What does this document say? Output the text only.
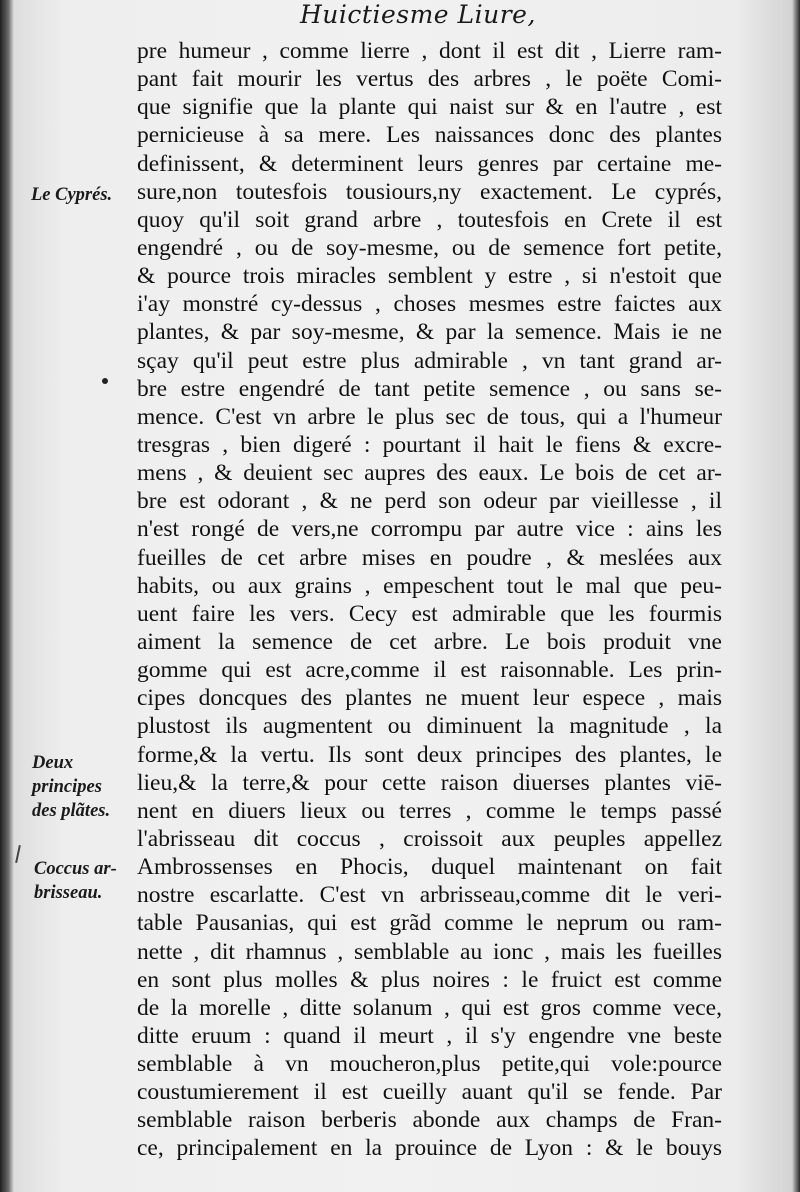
Huictiesme Liure,
pre humeur , comme lierre , dont il est dit , Lierre ram-
pant fait mourir les vertus des arbres , le poëte Comi-
que signifie que la plante qui naist sur & en l'autre , est
pernicieuse à sa mere. Les naissances donc des plantes
definissent, & determinent leurs genres par certaine me-
sure,non toutesfois tousiours,ny exactement. Le cyprés,
quoy qu'il soit grand arbre , toutesfois en Crete il est
engendré , ou de soy-mesme, ou de semence fort petite,
& pource trois miracles semblent y estre , si n'estoit que
i'ay monstré cy-dessus , choses mesmes estre faictes aux
plantes, & par soy-mesme, & par la semence. Mais ie ne
sçay qu'il peut estre plus admirable , vn tant grand ar-
bre estre engendré de tant petite semence , ou sans se-
mence. C'est vn arbre le plus sec de tous, qui a l'humeur
tresgras , bien digeré : pourtant il hait le fiens & excre-
mens , & deuient sec aupres des eaux. Le bois de cet ar-
bre est odorant , & ne perd son odeur par vieillesse , il
n'est rongé de vers,ne corrompu par autre vice : ains les
fueilles de cet arbre mises en poudre , & meslées aux
habits, ou aux grains , empeschent tout le mal que peu-
uent faire les vers. Cecy est admirable que les fourmis
aiment la semence de cet arbre. Le bois produit vne
gomme qui est acre,comme il est raisonnable. Les prin-
cipes doncques des plantes ne muent leur espece , mais
plustost ils augmentent ou diminuent la magnitude , la
forme,& la vertu. Ils sont deux principes des plantes, le
lieu,& la terre,& pour cette raison diuerses plantes viē-
nent en diuers lieux ou terres , comme le temps passé
l'abrisseau dit coccus , croissoit aux peuples appellez
Ambrossenses en Phocis, duquel maintenant on fait
nostre escarlatte. C'est vn arbrisseau,comme dit le veri-
table Pausanias, qui est grãd comme le neprum ou ram-
nette , dit rhamnus , semblable au ionc , mais les fueilles
en sont plus molles & plus noires : le fruict est comme
de la morelle , ditte solanum , qui est gros comme vece,
ditte eruum : quand il meurt , il s'y engendre vne beste
semblable à vn moucheron,plus petite,qui vole:pource
coustumierement il est cueilly auant qu'il se fende. Par
semblable raison berberis abonde aux champs de Fran-
ce, principalement en la prouince de Lyon : & le bouys
Le Cyprés.
Deux
principes
des plãtes.
Coccus ar-
brisseau.
